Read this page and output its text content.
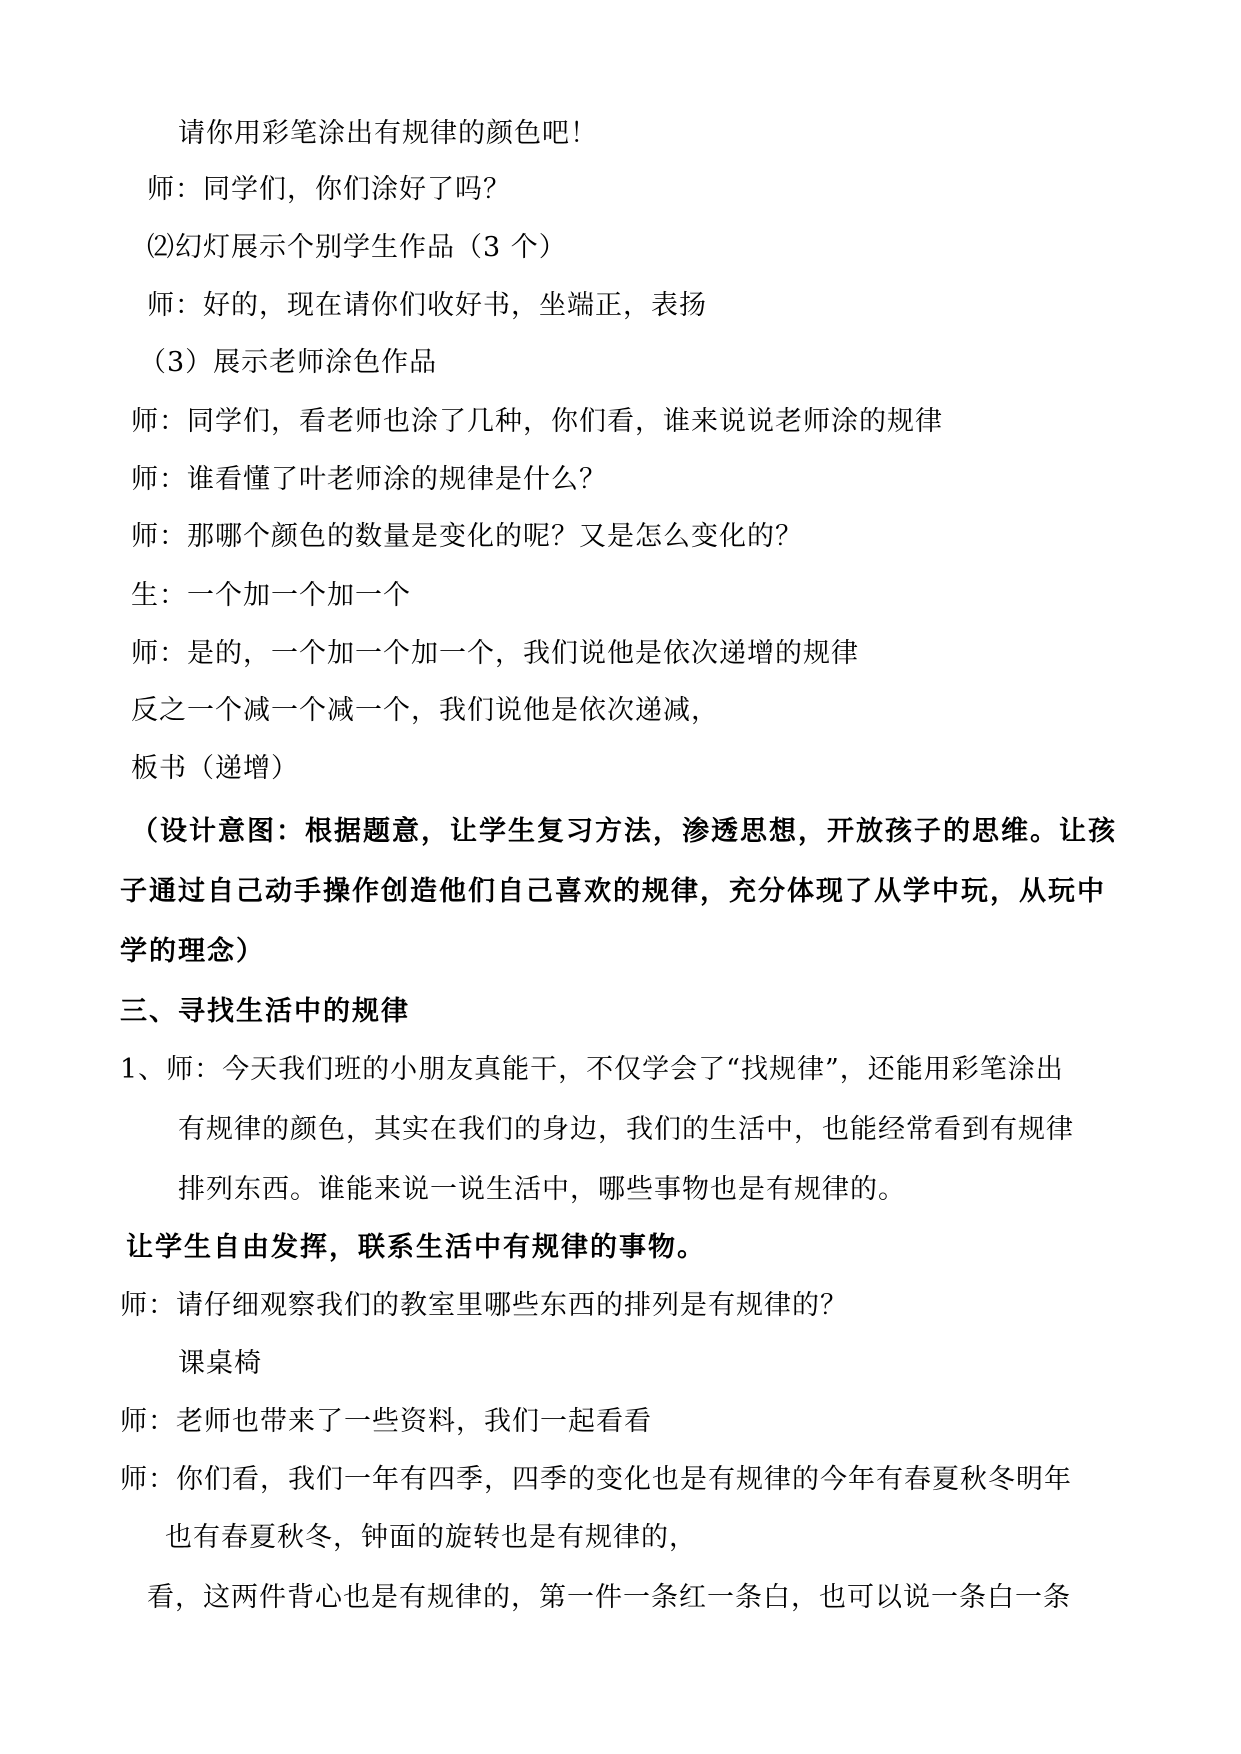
请你用彩笔涂出有规律的颜色吧！
师：同学们，你们涂好了吗？
⑵幻灯展示个别学生作品（3 个）
师：好的，现在请你们收好书，坐端正，表扬
（3）展示老师涂色作品
师：同学们，看老师也涂了几种，你们看，谁来说说老师涂的规律
师：谁看懂了叶老师涂的规律是什么？
师：那哪个颜色的数量是变化的呢？又是怎么变化的？
生：一个加一个加一个
师：是的，一个加一个加一个，我们说他是依次递增的规律
反之一个减一个减一个，我们说他是依次递减，
板书（递增）
（设计意图：根据题意，让学生复习方法，渗透思想，开放孩子的思维。让孩
子通过自己动手操作创造他们自己喜欢的规律，充分体现了从学中玩，从玩中
学的理念）
三、寻找生活中的规律
1、师：今天我们班的小朋友真能干，不仅学会了“找规律”，还能用彩笔涂出
有规律的颜色，其实在我们的身边，我们的生活中，也能经常看到有规律
排列东西。谁能来说一说生活中，哪些事物也是有规律的。
让学生自由发挥，联系生活中有规律的事物。
师：请仔细观察我们的教室里哪些东西的排列是有规律的？
课桌椅
师：老师也带来了一些资料，我们一起看看
师：你们看，我们一年有四季，四季的变化也是有规律的今年有春夏秋冬明年
也有春夏秋冬，钟面的旋转也是有规律的，
看，这两件背心也是有规律的，第一件一条红一条白，也可以说一条白一条
